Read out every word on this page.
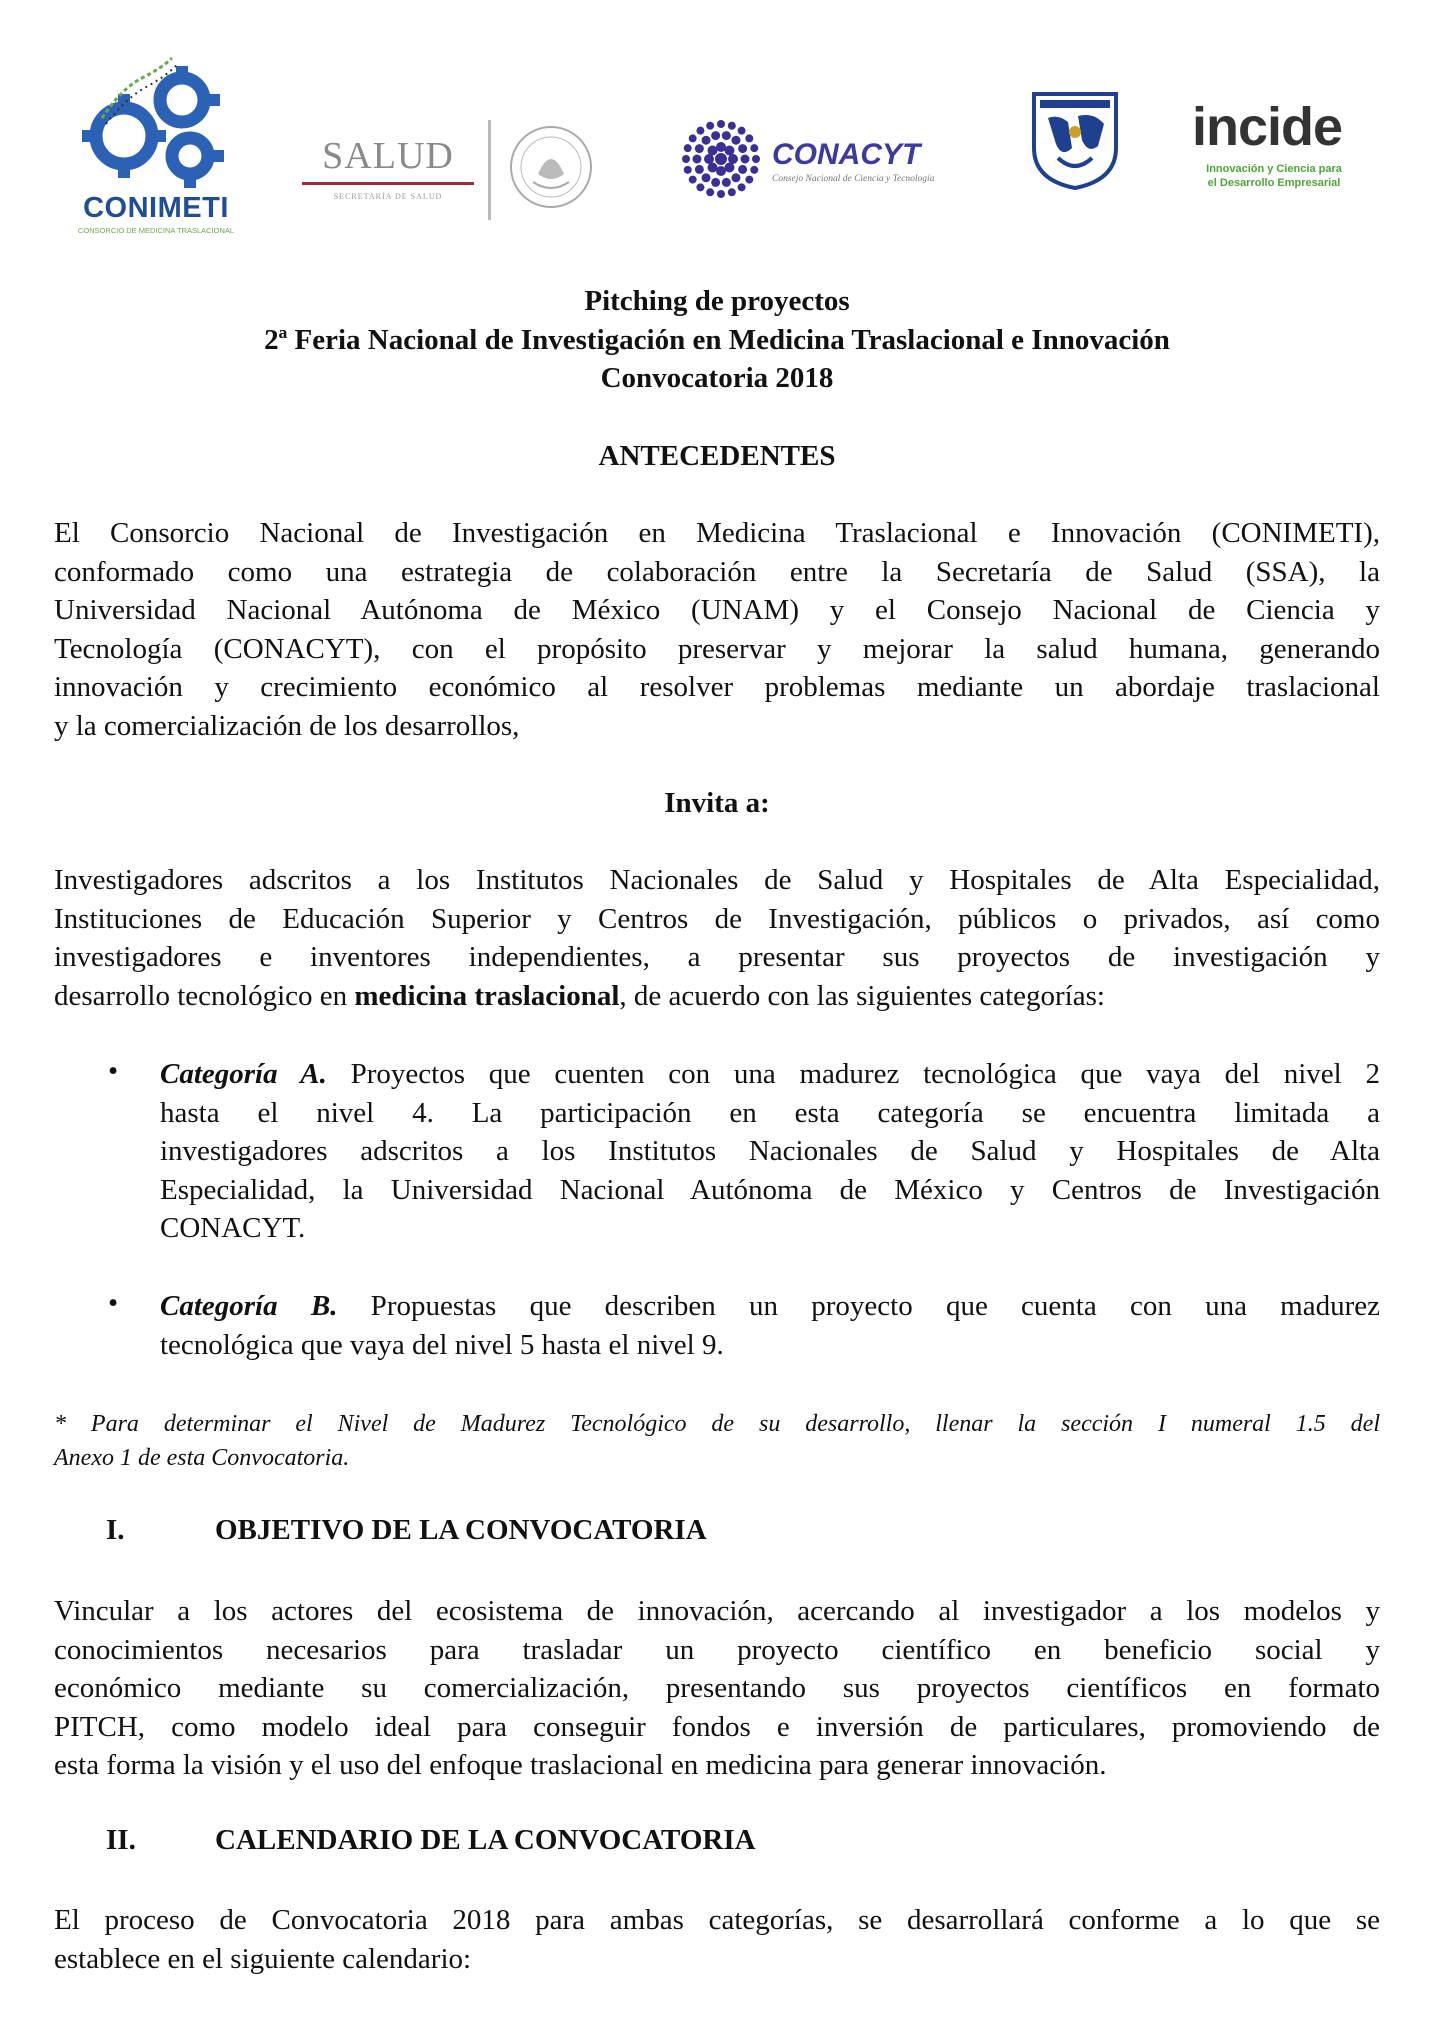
CONIMETI
CONSORCIO DE MEDICINA TRASLACIONAL
SALUD
SECRETARÍA DE SALUD
CONACYT
Consejo Nacional de Ciencia y Tecnología
incide
Innovación y Ciencia para
el Desarrollo Empresarial
Pitching de proyectos
2ª Feria Nacional de Investigación en Medicina Traslacional e Innovación
Convocatoria 2018
ANTECEDENTES
El Consorcio Nacional de Investigación en Medicina Traslacional e Innovación (CONIMETI),
conformado como una estrategia de colaboración entre la Secretaría de Salud (SSA), la
Universidad Nacional Autónoma de México (UNAM) y el Consejo Nacional de Ciencia y
Tecnología (CONACYT), con el propósito preservar y mejorar la salud humana, generando
innovación y crecimiento económico al resolver problemas mediante un abordaje traslacional
y la comercialización de los desarrollos,
Invita a:
Investigadores adscritos a los Institutos Nacionales de Salud y Hospitales de Alta Especialidad,
Instituciones de Educación Superior y Centros de Investigación, públicos o privados, así como
investigadores e inventores independientes, a presentar sus proyectos de investigación y
desarrollo tecnológico en medicina traslacional, de acuerdo con las siguientes categorías:
• Categoría A. Proyectos que cuenten con una madurez tecnológica que vaya del nivel 2
hasta el nivel 4. La participación en esta categoría se encuentra limitada a
investigadores adscritos a los Institutos Nacionales de Salud y Hospitales de Alta
Especialidad, la Universidad Nacional Autónoma de México y Centros de Investigación
CONACYT.
• Categoría B. Propuestas que describen un proyecto que cuenta con una madurez
tecnológica que vaya del nivel 5 hasta el nivel 9.
* Para determinar el Nivel de Madurez Tecnológico de su desarrollo, llenar la sección I numeral 1.5 del
Anexo 1 de esta Convocatoria.
I.	OBJETIVO DE LA CONVOCATORIA
Vincular a los actores del ecosistema de innovación, acercando al investigador a los modelos y
conocimientos necesarios para trasladar un proyecto científico en beneficio social y
económico mediante su comercialización, presentando sus proyectos científicos en formato
PITCH, como modelo ideal para conseguir fondos e inversión de particulares, promoviendo de
esta forma la visión y el uso del enfoque traslacional en medicina para generar innovación.
II.	CALENDARIO DE LA CONVOCATORIA
El proceso de Convocatoria 2018 para ambas categorías, se desarrollará conforme a lo que se
establece en el siguiente calendario:
